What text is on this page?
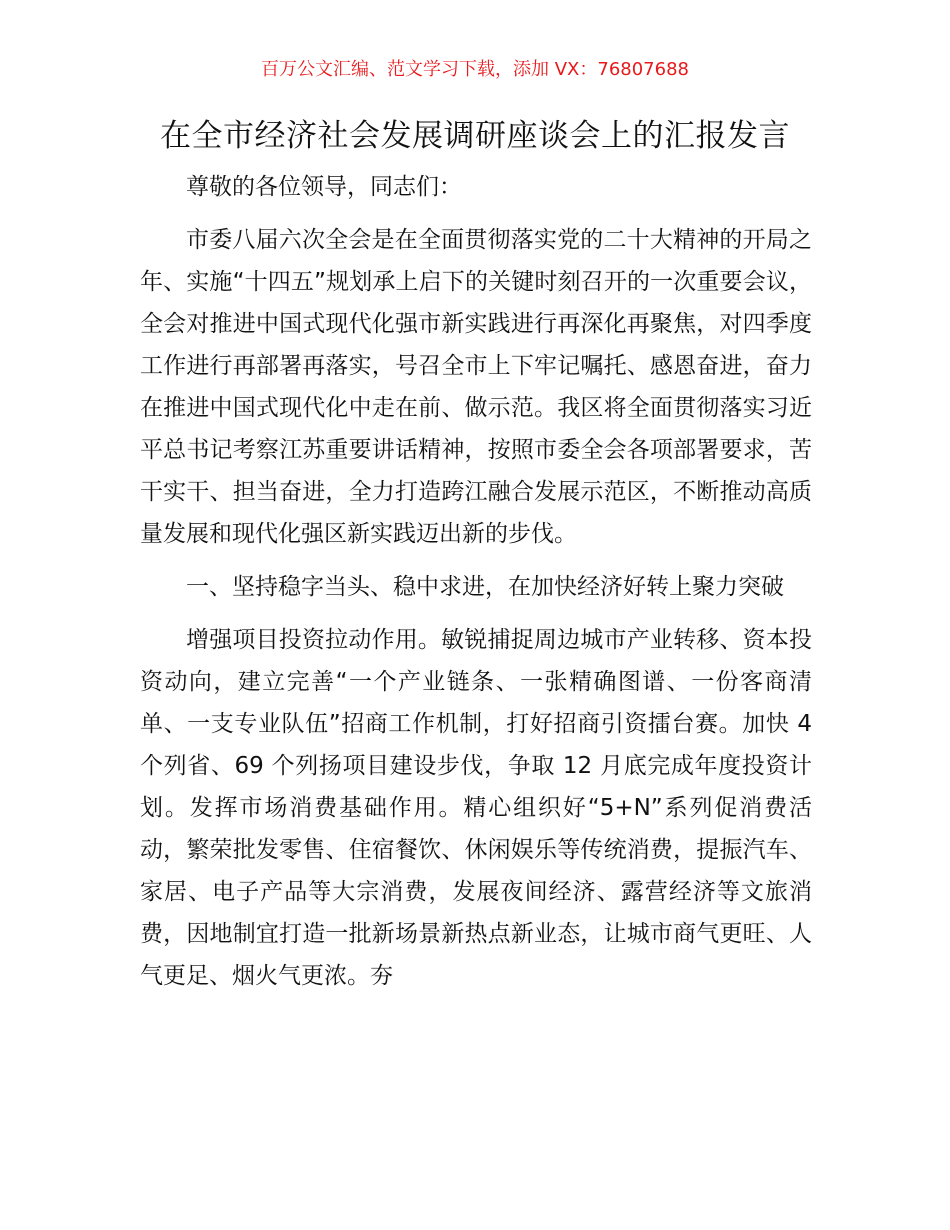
百万公文汇编、范文学习下载，添加 VX：76807688
在全市经济社会发展调研座谈会上的汇报发言

尊敬的各位领导，同志们：

市委八届六次全会是在全面贯彻落实党的二十大精神的开局之年、实施“十四五”规划承上启下的关键时刻召开的一次重要会议，全会对推进中国式现代化强市新实践进行再深化再聚焦，对四季度工作进行再部署再落实，号召全市上下牢记嘱托、感恩奋进，奋力在推进中国式现代化中走在前、做示范。我区将全面贯彻落实习近平总书记考察江苏重要讲话精神，按照市委全会各项部署要求，苦干实干、担当奋进，全力打造跨江融合发展示范区，不断推动高质量发展和现代化强区新实践迈出新的步伐。

一、坚持稳字当头、稳中求进，在加快经济好转上聚力突破

增强项目投资拉动作用。敏锐捕捉周边城市产业转移、资本投资动向，建立完善“一个产业链条、一张精确图谱、一份客商清单、一支专业队伍”招商工作机制，打好招商引资擂台赛。加快 4 个列省、69 个列扬项目建设步伐，争取 12 月底完成年度投资计划。发挥市场消费基础作用。精心组织好“5+N”系列促消费活动，繁荣批发零售、住宿餐饮、休闲娱乐等传统消费，提振汽车、家居、电子产品等大宗消费，发展夜间经济、露营经济等文旅消费，因地制宜打造一批新场景新热点新业态，让城市商气更旺、人气更足、烟火气更浓。夯
